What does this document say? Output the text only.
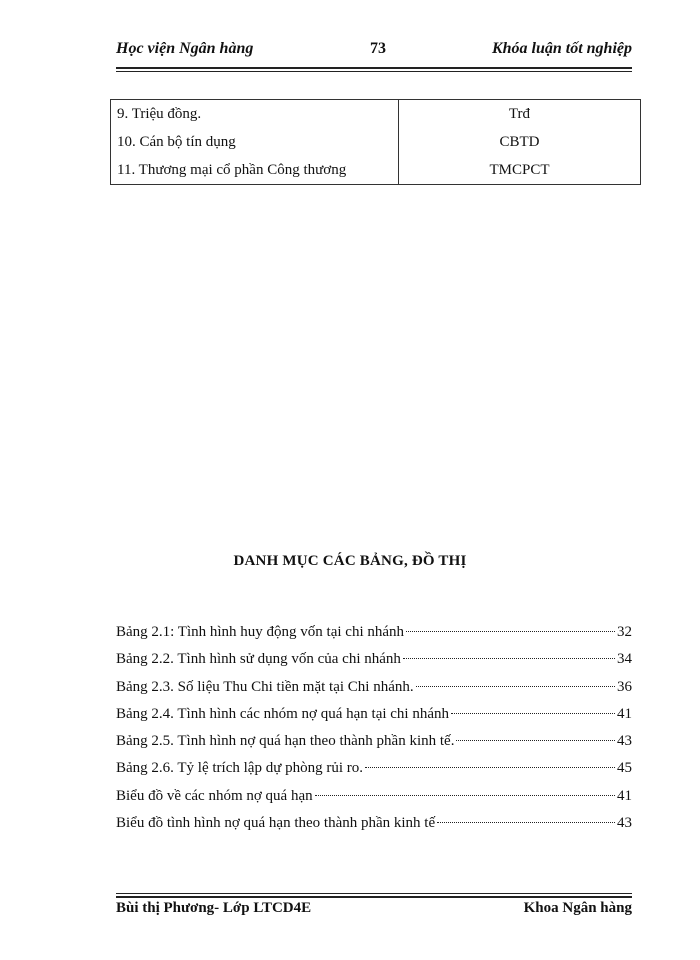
Học viện Ngân hàng	73	Khóa luận tốt nghiệp
9. Triệu đồng.	Trđ
10. Cán bộ tín dụng	CBTD
11. Thương mại cổ phần Công thương	TMCPCT
DANH MỤC CÁC BẢNG, ĐỒ THỊ
Bảng 2.1: Tình hình huy động vốn tại chi nhánh	32
Bảng 2.2. Tình hình sử dụng vốn của chi nhánh	34
Bảng 2.3. Số liệu Thu Chi tiền mặt tại Chi nhánh.	36
Bảng 2.4. Tình hình các nhóm nợ quá hạn tại chi nhánh	41
Bảng 2.5. Tình hình nợ quá hạn theo thành phần kinh tế.	43
Bảng 2.6. Tỷ lệ trích lập dự phòng rủi ro.	45
Biểu đồ về các nhóm nợ quá hạn	41
Biểu đồ tình hình nợ quá hạn theo thành phần kinh tế	43
Bùi thị Phương- Lớp LTCD4E	Khoa Ngân hàng
